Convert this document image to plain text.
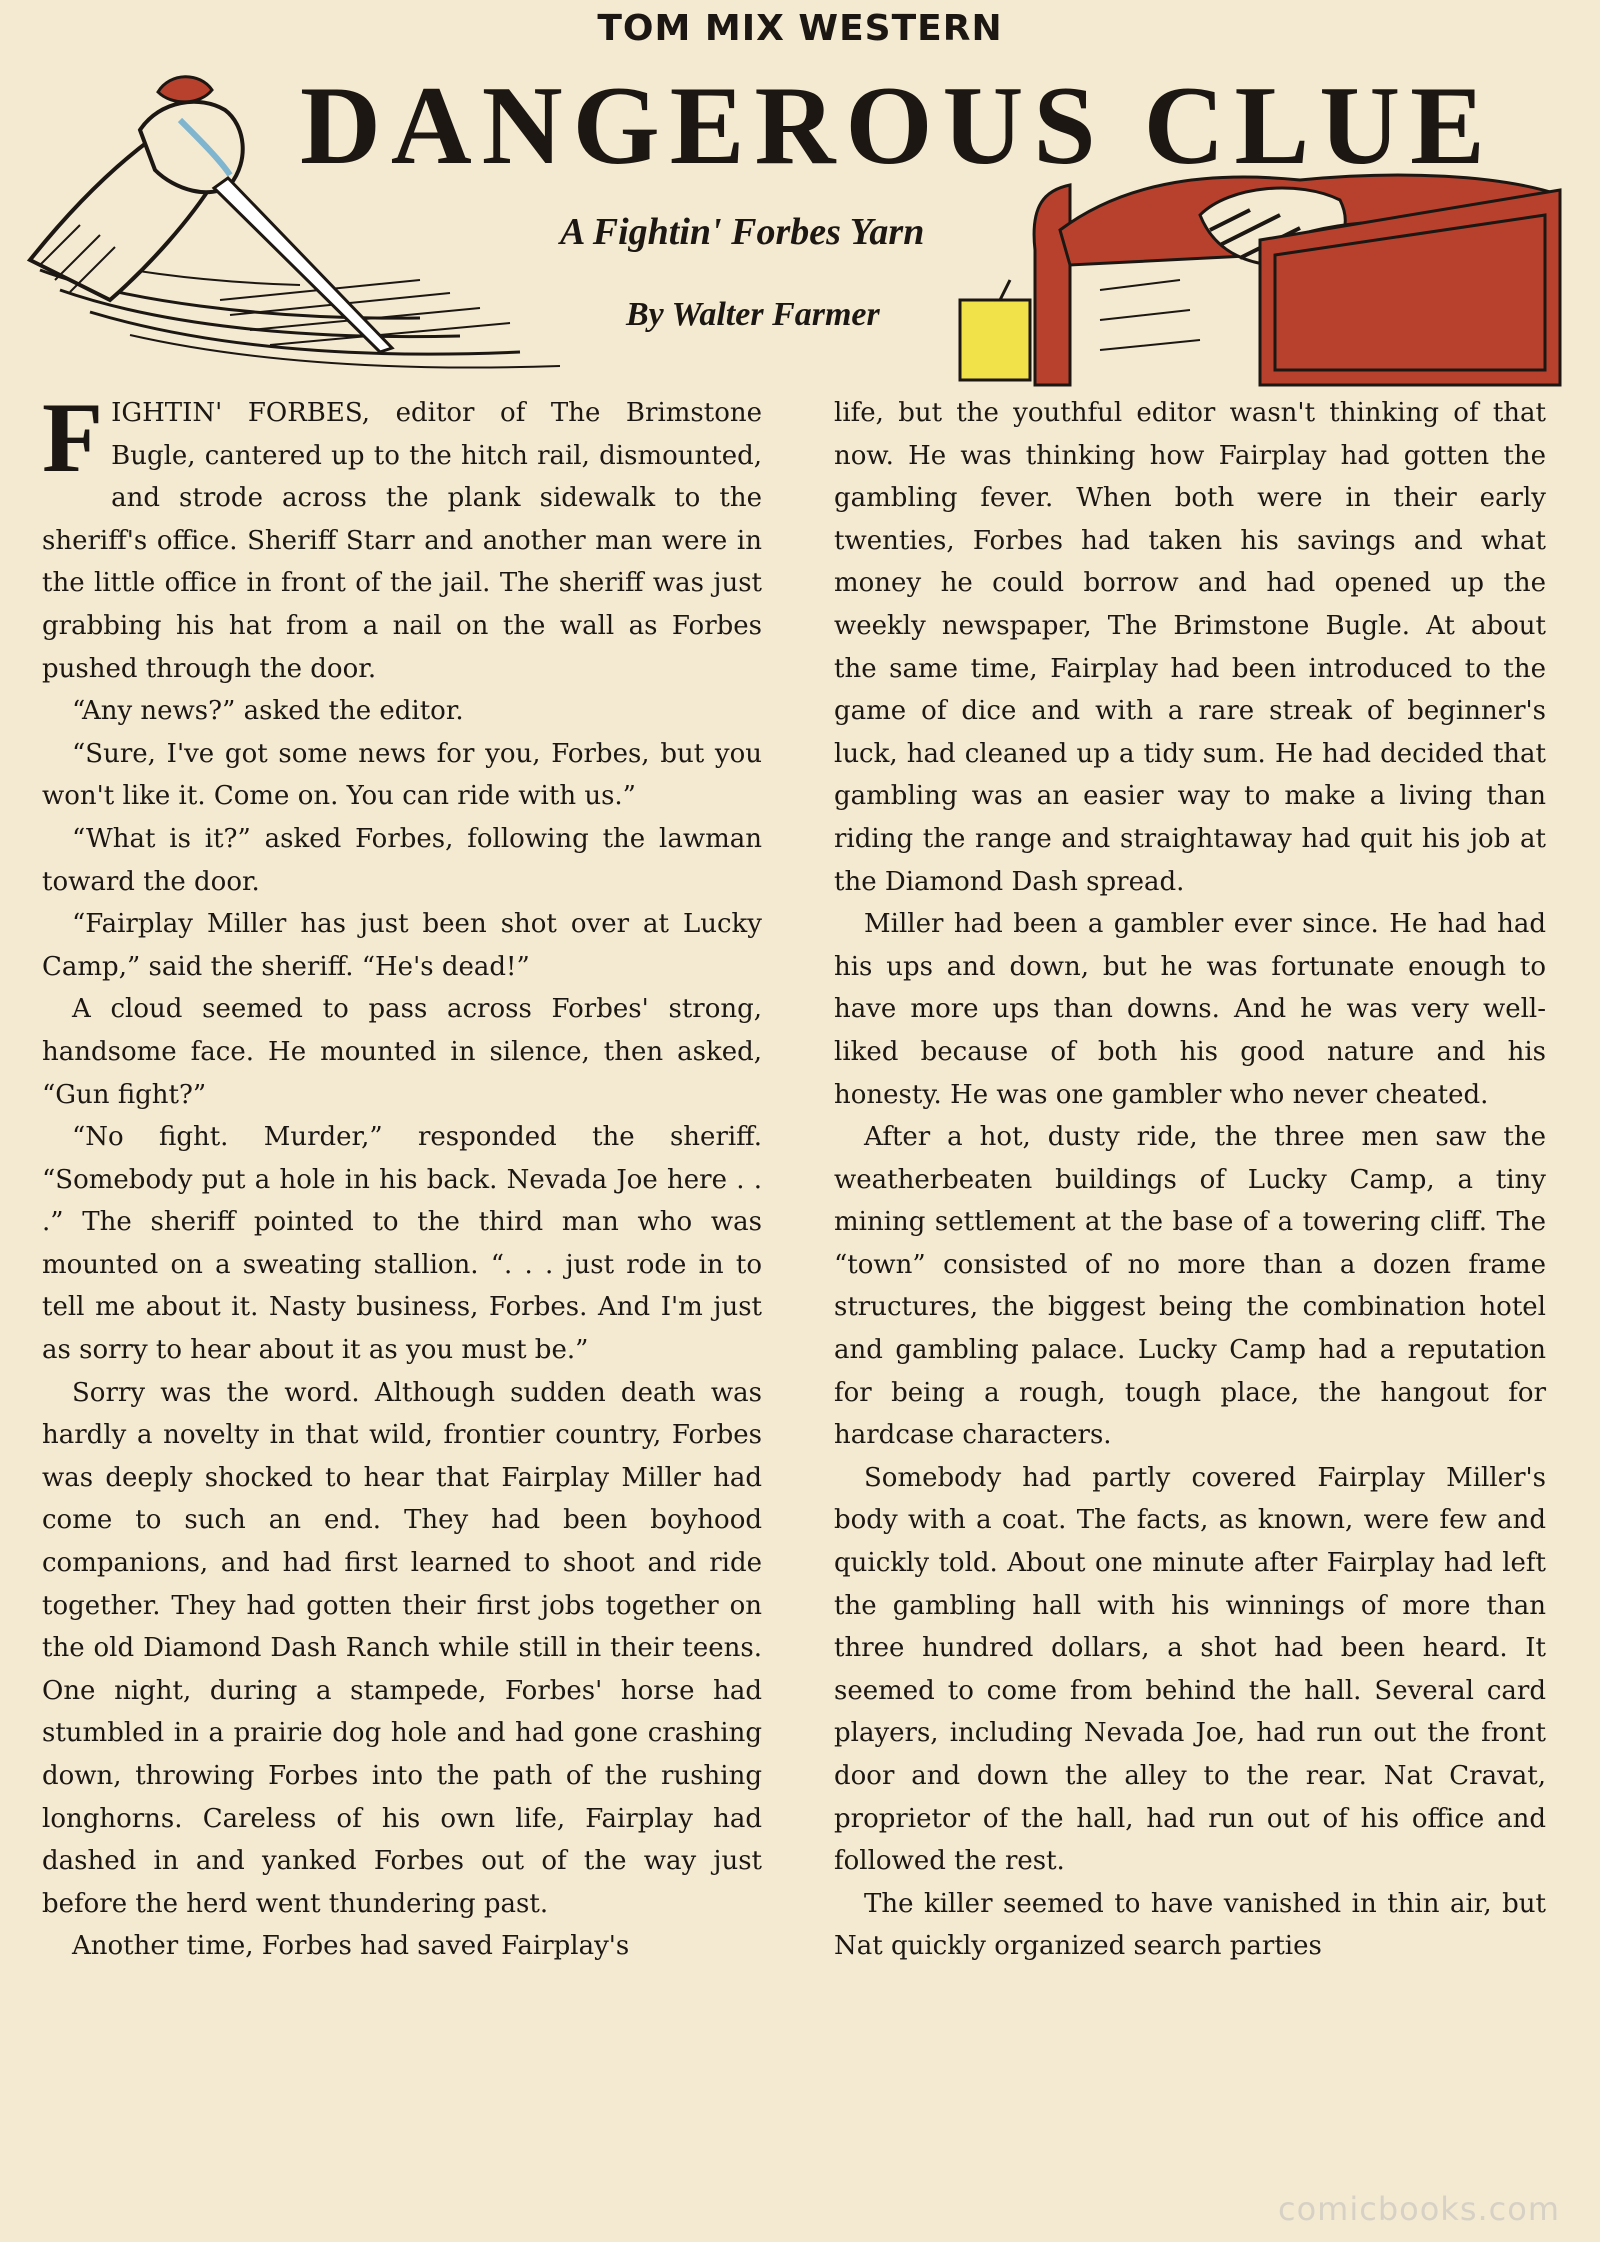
TOM MIX WESTERN
DANGEROUS CLUE
A Fightin' Forbes Yarn
By Walter Farmer

FIGHTIN' FORBES, editor of The Brimstone Bugle, cantered up to the hitch rail, dismounted, and strode across the plank sidewalk to the sheriff's office. Sheriff Starr and another man were in the little office in front of the jail. The sheriff was just grabbing his hat from a nail on the wall as Forbes pushed through the door.

“Any news?” asked the editor.

“Sure, I've got some news for you, Forbes, but you won't like it. Come on. You can ride with us.”

“What is it?” asked Forbes, following the lawman toward the door.

“Fairplay Miller has just been shot over at Lucky Camp,” said the sheriff. “He's dead!”

A cloud seemed to pass across Forbes' strong, handsome face. He mounted in silence, then asked, “Gun fight?”

“No fight. Murder,” responded the sheriff. “Somebody put a hole in his back. Nevada Joe here . . .” The sheriff pointed to the third man who was mounted on a sweating stallion. “. . . just rode in to tell me about it. Nasty business, Forbes. And I'm just as sorry to hear about it as you must be.”

Sorry was the word. Although sudden death was hardly a novelty in that wild, frontier country, Forbes was deeply shocked to hear that Fairplay Miller had come to such an end. They had been boyhood companions, and had first learned to shoot and ride together. They had gotten their first jobs together on the old Diamond Dash Ranch while still in their teens. One night, during a stampede, Forbes' horse had stumbled in a prairie dog hole and had gone crashing down, throwing Forbes into the path of the rushing longhorns. Careless of his own life, Fairplay had dashed in and yanked Forbes out of the way just before the herd went thundering past.

Another time, Forbes had saved Fairplay's

life, but the youthful editor wasn't thinking of that now. He was thinking how Fairplay had gotten the gambling fever. When both were in their early twenties, Forbes had taken his savings and what money he could borrow and had opened up the weekly newspaper, The Brimstone Bugle. At about the same time, Fairplay had been introduced to the game of dice and with a rare streak of beginner's luck, had cleaned up a tidy sum. He had decided that gambling was an easier way to make a living than riding the range and straightaway had quit his job at the Diamond Dash spread.

Miller had been a gambler ever since. He had had his ups and down, but he was fortunate enough to have more ups than downs. And he was very well-liked because of both his good nature and his honesty. He was one gambler who never cheated.

After a hot, dusty ride, the three men saw the weatherbeaten buildings of Lucky Camp, a tiny mining settlement at the base of a towering cliff. The “town” consisted of no more than a dozen frame structures, the biggest being the combination hotel and gambling palace. Lucky Camp had a reputation for being a rough, tough place, the hangout for hardcase characters.

Somebody had partly covered Fairplay Miller's body with a coat. The facts, as known, were few and quickly told. About one minute after Fairplay had left the gambling hall with his winnings of more than three hundred dollars, a shot had been heard. It seemed to come from behind the hall. Several card players, including Nevada Joe, had run out the front door and down the alley to the rear. Nat Cravat, proprietor of the hall, had run out of his office and followed the rest.

The killer seemed to have vanished in thin air, but Nat quickly organized search parties

comicbooks.com
